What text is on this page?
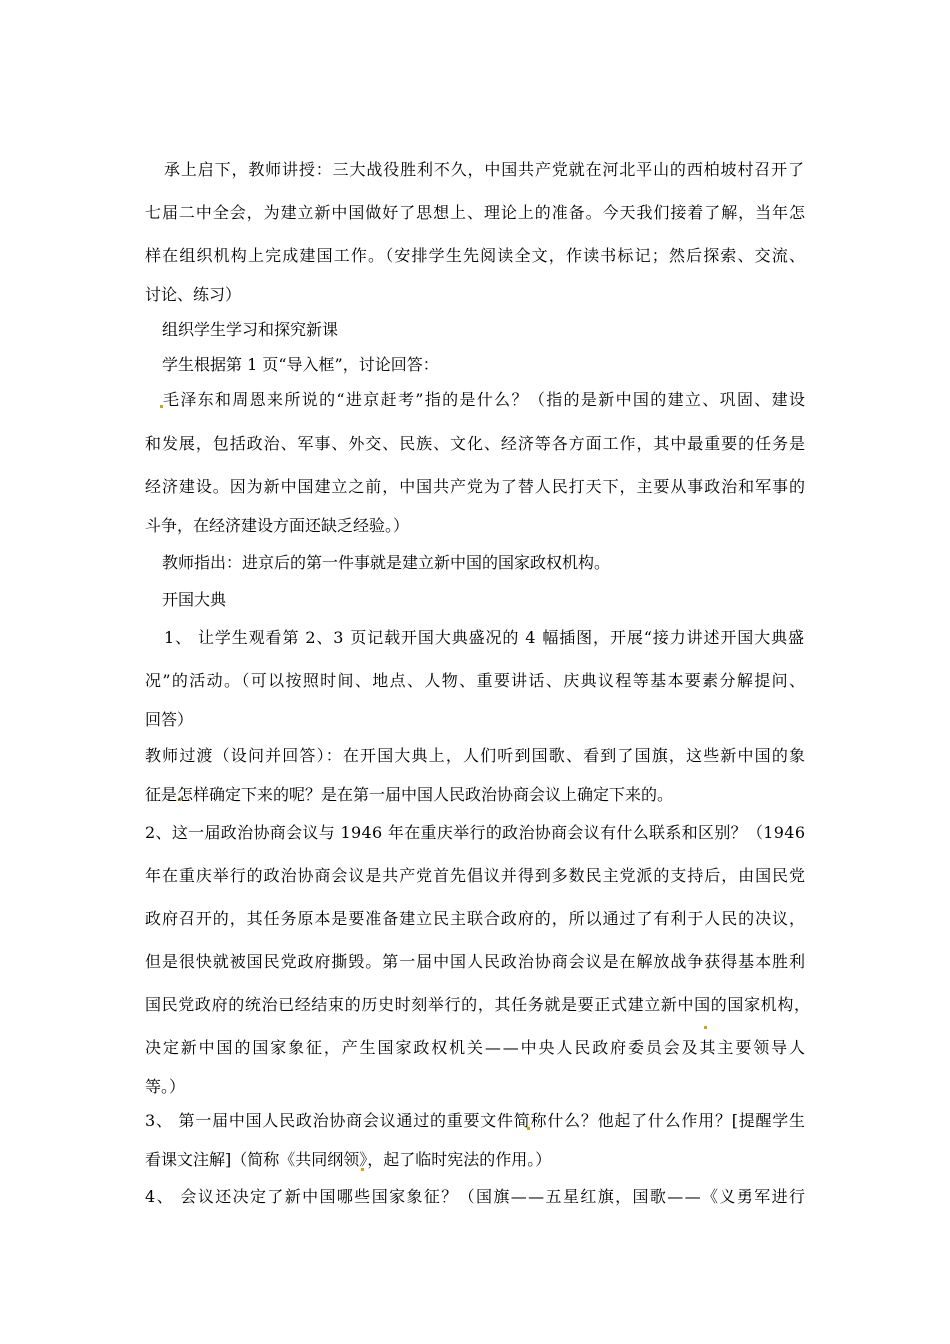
承上启下，教师讲授：三大战役胜利不久，中国共产党就在河北平山的西柏坡村召开了
七届二中全会，为建立新中国做好了思想上、理论上的准备。今天我们接着了解，当年怎
样在组织机构上完成建国工作。（安排学生先阅读全文，作读书标记；然后探索、交流、
讨论、练习）
组织学生学习和探究新课
学生根据第 1 页“导入框”，讨论回答：
毛泽东和周恩来所说的“进京赶考”指的是什么？（指的是新中国的建立、巩固、建设
和发展，包括政治、军事、外交、民族、文化、经济等各方面工作，其中最重要的任务是
经济建设。因为新中国建立之前，中国共产党为了替人民打天下，主要从事政治和军事的
斗争，在经济建设方面还缺乏经验。）
教师指出：进京后的第一件事就是建立新中国的国家政权机构。
开国大典
1、 让学生观看第 2、3 页记载开国大典盛况的 4 幅插图，开展“接力讲述开国大典盛
况”的活动。（可以按照时间、地点、人物、重要讲话、庆典议程等基本要素分解提问、
回答）
教师过渡（设问并回答）：在开国大典上，人们听到国歌、看到了国旗，这些新中国的象
征是怎样确定下来的呢？是在第一届中国人民政治协商会议上确定下来的。
2、这一届政治协商会议与 1946 年在重庆举行的政治协商会议有什么联系和区别？（1946
年在重庆举行的政治协商会议是共产党首先倡议并得到多数民主党派的支持后，由国民党
政府召开的，其任务原本是要准备建立民主联合政府的，所以通过了有利于人民的决议，
但是很快就被国民党政府撕毁。第一届中国人民政治协商会议是在解放战争获得基本胜利
国民党政府的统治已经结束的历史时刻举行的，其任务就是要正式建立新中国的国家机构，
决定新中国的国家象征，产生国家政权机关——中央人民政府委员会及其主要领导人
等。）
3、 第一届中国人民政治协商会议通过的重要文件简称什么？他起了什么作用？[提醒学生
看课文注解]（简称《共同纲领》，起了临时宪法的作用。）
4、 会议还决定了新中国哪些国家象征？（国旗——五星红旗，国歌——《义勇军进行
